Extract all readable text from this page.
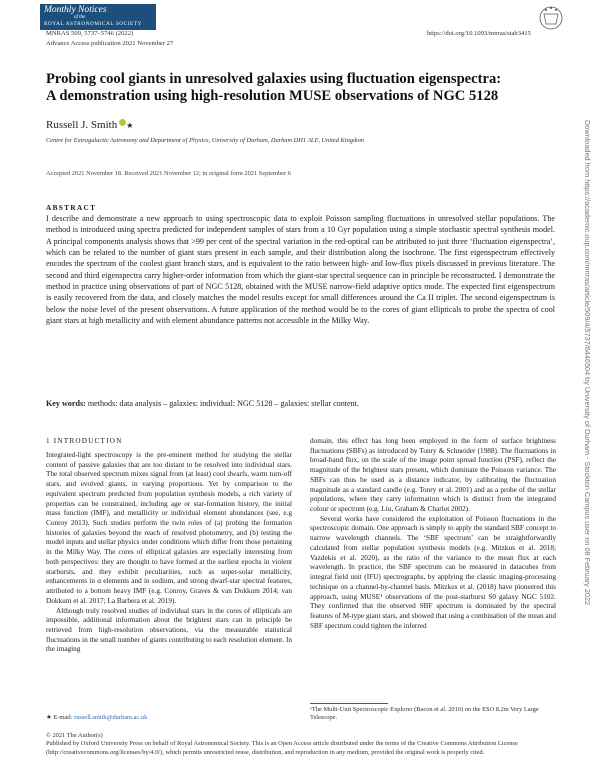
Monthly Notices
of the
ROYAL ASTRONOMICAL SOCIETY
MNRAS 509, 5737–5746 (2022)
Advance Access publication 2021 November 27
https://doi.org/10.1093/mnras/stab3415
Probing cool giants in unresolved galaxies using fluctuation eigenspectra:
A demonstration using high-resolution MUSE observations of NGC 5128
Russell J. Smith ★
Centre for Extragalactic Astronomy and Department of Physics, University of Durham, Durham DH1 3LE, United Kingdom
Accepted 2021 November 18. Received 2021 November 12; in original form 2021 September 6
ABSTRACT
I describe and demonstrate a new approach to using spectroscopic data to exploit Poisson sampling fluctuations in unresolved stellar populations. The method is introduced using spectra predicted for independent samples of stars from a 10 Gyr population using a simple stochastic spectral synthesis model. A principal components analysis shows that >99 per cent of the spectral variation in the red-optical can be attributed to just three ‘fluctuation eigenspectra’, which can be related to the number of giant stars present in each sample, and their distribution along the isochrone. The first eigenspectrum effectively encodes the spectrum of the coolest giant branch stars, and is equivalent to the ratio between high- and low-flux pixels discussed in previous literature. The second and third eigenspectra carry higher-order information from which the giant-star spectral sequence can in principle be reconstructed. I demonstrate the method in practice using observations of part of NGC 5128, obtained with the MUSE narrow-field adaptive optics mode. The expected first eigenspectrum is easily recovered from the data, and closely matches the model results except for small differences around the Ca II triplet. The second eigenspectrum is below the noise level of the present observations. A future application of the method would be to the cores of giant ellipticals to probe the spectra of cool giant stars at high metallicity and with element abundance patterns not accessible in the Milky Way.
Key words: methods: data analysis – galaxies: individual: NGC 5128 – galaxies: stellar content.
1 INTRODUCTION

Integrated-light spectroscopy is the pre-eminent method for studying the stellar content of passive galaxies that are too distant to be resolved into individual stars. The total observed spectrum mixes signal from (at least) cool dwarfs, warm turn-off stars, and evolved giants, in varying proportions. Yet by comparison to the equivalent spectrum predicted from population synthesis models, a rich variety of properties can be constrained, including age or star-formation history, the initial mass function (IMF), and metallicity or individual element abundances (see, e.g Conroy 2013). Such studies perform the twin roles of (a) probing the formation histories of galaxies beyond the reach of resolved photometry, and (b) testing the model inputs and stellar physics under conditions which differ from those pertaining in the Milky Way. The cores of elliptical galaxies are especially interesting from both perspectives: they are thought to have formed at the earliest epochs in violent starbursts, and they exhibit peculiarities, such as super-solar metallicity, enhancements in α elements and in sodium, and strong dwarf-star spectral features, attributed to a bottom heavy IMF (e.g. Conroy, Graves & van Dokkum 2014; van Dokkum et al. 2017; La Barbera et al. 2019).

Although truly resolved studies of individual stars in the cores of ellipticals are impossible, additional information about the brightest stars can in principle be retrieved from high-resolution observations, via the measurable statistical fluctuations in the small number of giants contributing to each resolution element. In the imaging

domain, this effect has long been employed in the form of surface brightness fluctuations (SBFs) as introduced by Tonry & Schneider (1988). The fluctuations in broad-band flux, on the scale of the image point spread function (PSF), reflect the magnitude of the brightest stars present, which dominate the Poisson variance. The SBFs can thus be used as a distance indicator, by calibrating the fluctuation magnitude as a standard candle (e.g. Tonry et al. 2001) and as a probe of the stellar populations, where they carry information which is distinct from the integrated colour or spectrum (e.g. Liu, Graham & Charlot 2002).

Several works have considered the exploitation of Poisson fluctuations in the spectroscopic domain. One approach is simply to apply the standard SBF concept to narrow wavelength channels. The ‘SBF spectrum’ can be straightforwardly calculated from stellar population synthesis models (e.g. Mitzkus et al. 2018; Vazdekis et al. 2020), as the ratio of the variance to the mean flux at each wavelength. In practice, the SBF spectrum can be measured in datacubes from integral field unit (IFU) spectrographs, by applying the classic imaging-processing technique on a channel-by-channel basis. Mitzkus et al. (2018) have pioneered this approach, using MUSE¹ observations of the post-starburst S0 galaxy NGC 5102. They confirmed that the observed SBF spectrum is dominated by the spectral features of M-type giant stars, and showed that using a combination of the mean and SBF spectrum could tighten the inferred

¹The Multi-Unit Spectroscopic Explorer (Bacon et al. 2010) on the ESO 8.2m Very Large Telescope.
★ E-mail: russell.smith@durham.ac.uk
© 2021 The Author(s)
Published by Oxford University Press on behalf of Royal Astronomical Society. This is an Open Access article distributed under the terms of the Creative Commons Attribution License (http://creativecommons.org/licenses/by/4.0/), which permits unrestricted reuse, distribution, and reproduction in any medium, provided the original work is properly cited.
Downloaded from https://academic.oup.com/mnras/article/509/4/5737/6446504 by University of Durham - Stockton Campus user on 08 February 2022
